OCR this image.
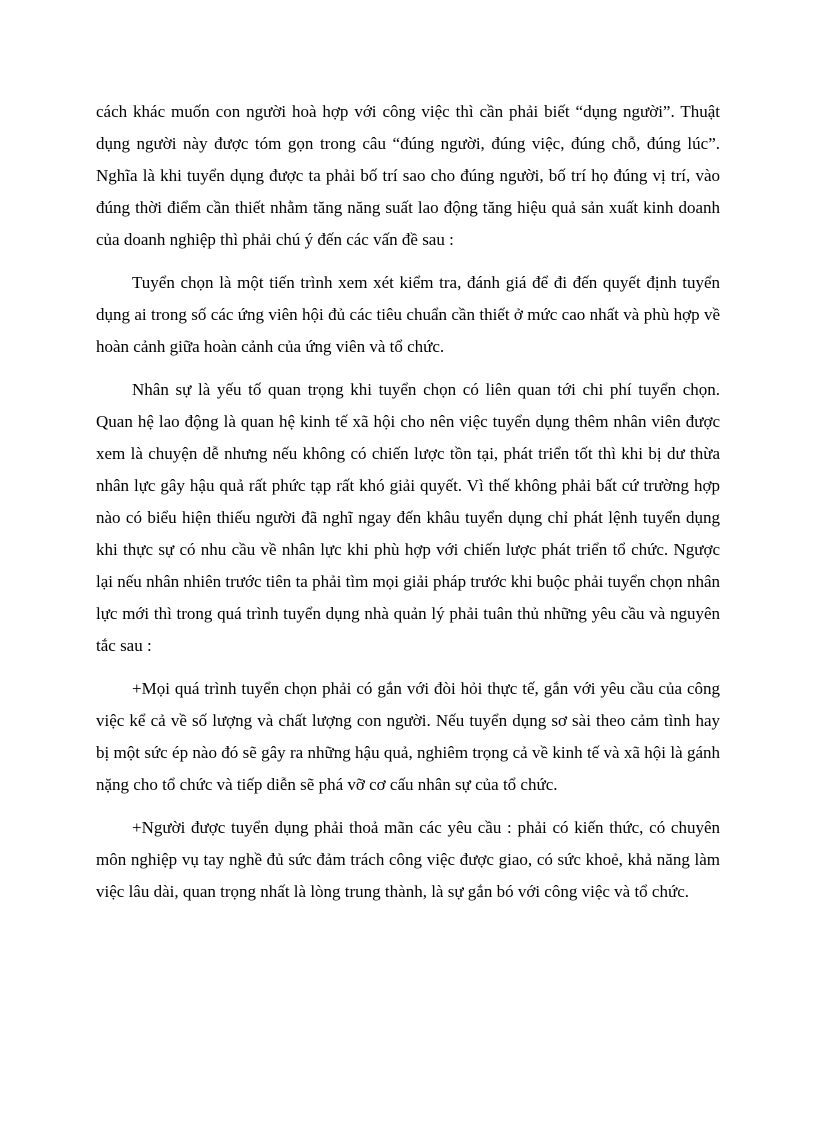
cách khác muốn con người hoà hợp với công việc thì cần phải biết “dụng người”. Thuật dụng người này được tóm gọn trong câu “đúng người, đúng việc, đúng chỗ, đúng lúc”. Nghĩa là khi tuyển dụng được ta phải bố trí sao cho đúng người, bố trí họ đúng vị trí, vào đúng thời điểm cần thiết nhằm tăng năng suất lao động tăng hiệu quả sản xuất kinh doanh của doanh nghiệp thì phải chú ý đến các vấn đề sau :

Tuyển chọn là một tiến trình xem xét kiểm tra, đánh giá để đi đến quyết định tuyển dụng ai trong số các ứng viên hội đủ các tiêu chuẩn cần thiết ở mức cao nhất và phù hợp về hoàn cảnh giữa hoàn cảnh của ứng viên và tổ chức.

Nhân sự là yếu tố quan trọng khi tuyển chọn có liên quan tới chi phí tuyển chọn. Quan hệ lao động là quan hệ kinh tế xã hội cho nên việc tuyển dụng thêm nhân viên được xem là chuyện dễ nhưng nếu không có chiến lược tồn tại, phát triển tốt thì khi bị dư thừa nhân lực gây hậu quả rất phức tạp rất khó giải quyết. Vì thế không phải bất cứ trường hợp nào có biểu hiện thiếu người đã nghĩ ngay đến khâu tuyển dụng chỉ phát lệnh tuyển dụng khi thực sự có nhu cầu về nhân lực khi phù hợp với chiến lược phát triển tổ chức. Ngược lại nếu nhân nhiên trước tiên ta phải tìm mọi giải pháp trước khi buộc phải tuyển chọn nhân lực mới thì trong quá trình tuyển dụng nhà quản lý phải tuân thủ những yêu cầu và nguyên tắc sau :

+Mọi quá trình tuyển chọn phải có gắn với đòi hỏi thực tế, gắn với yêu cầu của công việc kể cả về số lượng và chất lượng con người. Nếu tuyển dụng sơ sài theo cảm tình hay bị một sức ép nào đó sẽ gây ra những hậu quả, nghiêm trọng cả về kinh tế và xã hội là gánh nặng cho tổ chức và tiếp diễn sẽ phá vỡ cơ cấu nhân sự của tổ chức.

+Người được tuyển dụng phải thoả mãn các yêu cầu : phải có kiến thức, có chuyên môn nghiệp vụ tay nghề đủ sức đảm trách công việc được giao, có sức khoẻ, khả năng làm việc lâu dài, quan trọng nhất là lòng trung thành, là sự gắn bó với công việc và tổ chức.
